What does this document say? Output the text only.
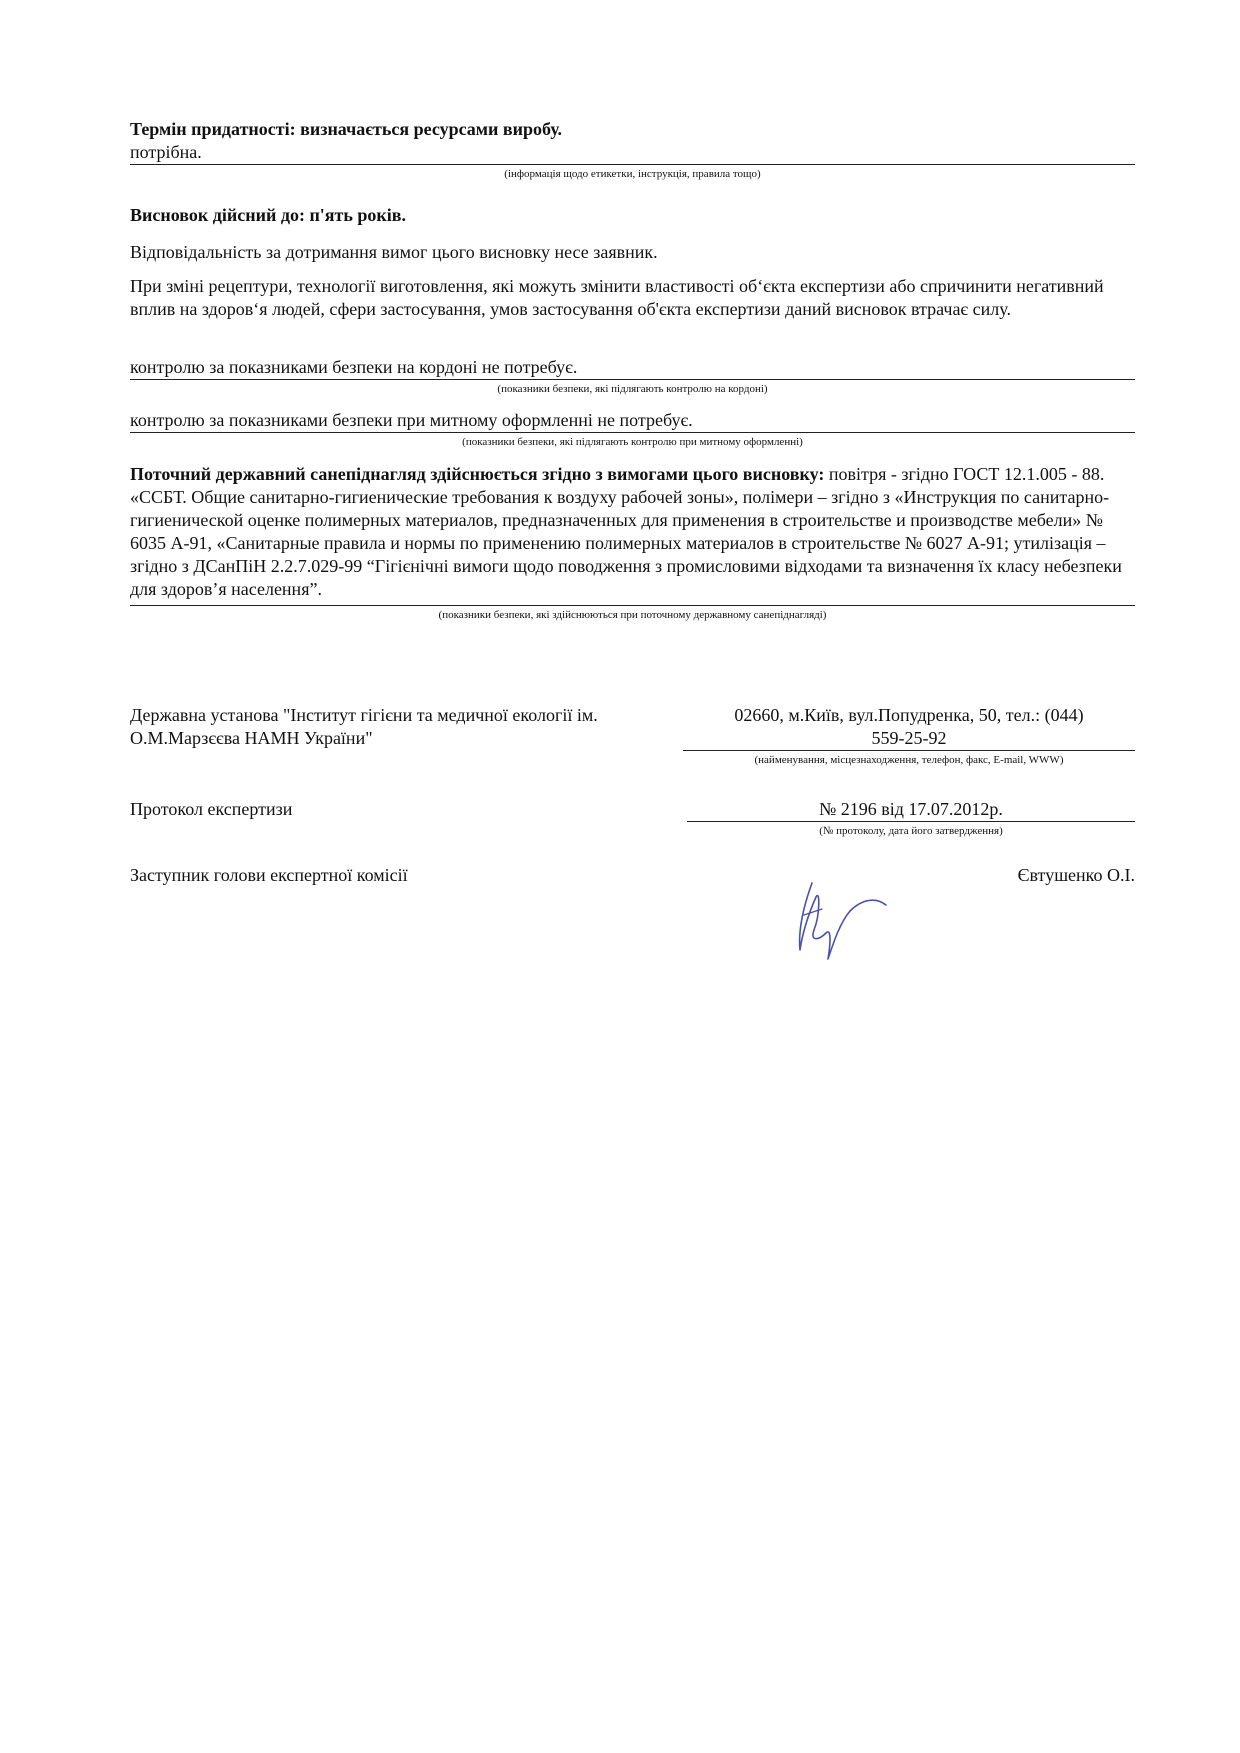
Термін придатності: визначається ресурсами виробу.

потрібна.

(інформація щодо етикетки, інструкція, правила тощо)

Висновок дійсний до: п'ять років.

Відповідальність за дотримання вимог цього висновку несе заявник.

При зміні рецептури, технології виготовлення, які можуть змінити властивості об‘єкта експертизи або спричинити негативний вплив на здоров‘я людей, сфери застосування, умов застосування об'єкта експертизи даний висновок втрачає силу.

контролю за показниками безпеки на кордоні не потребує.

(показники безпеки, які підлягають контролю на кордоні)

контролю за показниками безпеки при митному оформленні не потребує.

(показники безпеки, які підлягають контролю при митному оформленні)

Поточний державний санепіднагляд здійснюється згідно з вимогами цього висновку: повітря - згідно ГОСТ 12.1.005 - 88. «ССБТ. Общие санитарно-гигиенические требования к воздуху рабочей зоны», полімери – згідно з «Инструкция по санитарно-гигиенической оценке полимерных материалов, предназначенных для применения в строительстве и производстве мебели» № 6035 А-91, «Санитарные правила и нормы по применению полимерных материалов в строительстве № 6027 А-91; утилізація – згідно з ДСанПіН 2.2.7.029-99 “Гігієнічні вимоги щодо поводження з промисловими відходами та визначення їх класу небезпеки для здоров’я населення”.

(показники безпеки, які здійснюються при поточному державному санепіднагляді)

Державна установа "Інститут гігієни та медичної екології ім. О.М.Марзєєва НАМН України"

02660, м.Київ, вул.Попудренка, 50, тел.: (044)

559-25-92

(найменування, місцезнаходження, телефон, факс, E-mail, WWW)

Протокол експертизи	№ 2196 від 17.07.2012р.

(№ протоколу, дата його затвердження)

Заступник голови експертної комісії	Євтушенко О.І.
